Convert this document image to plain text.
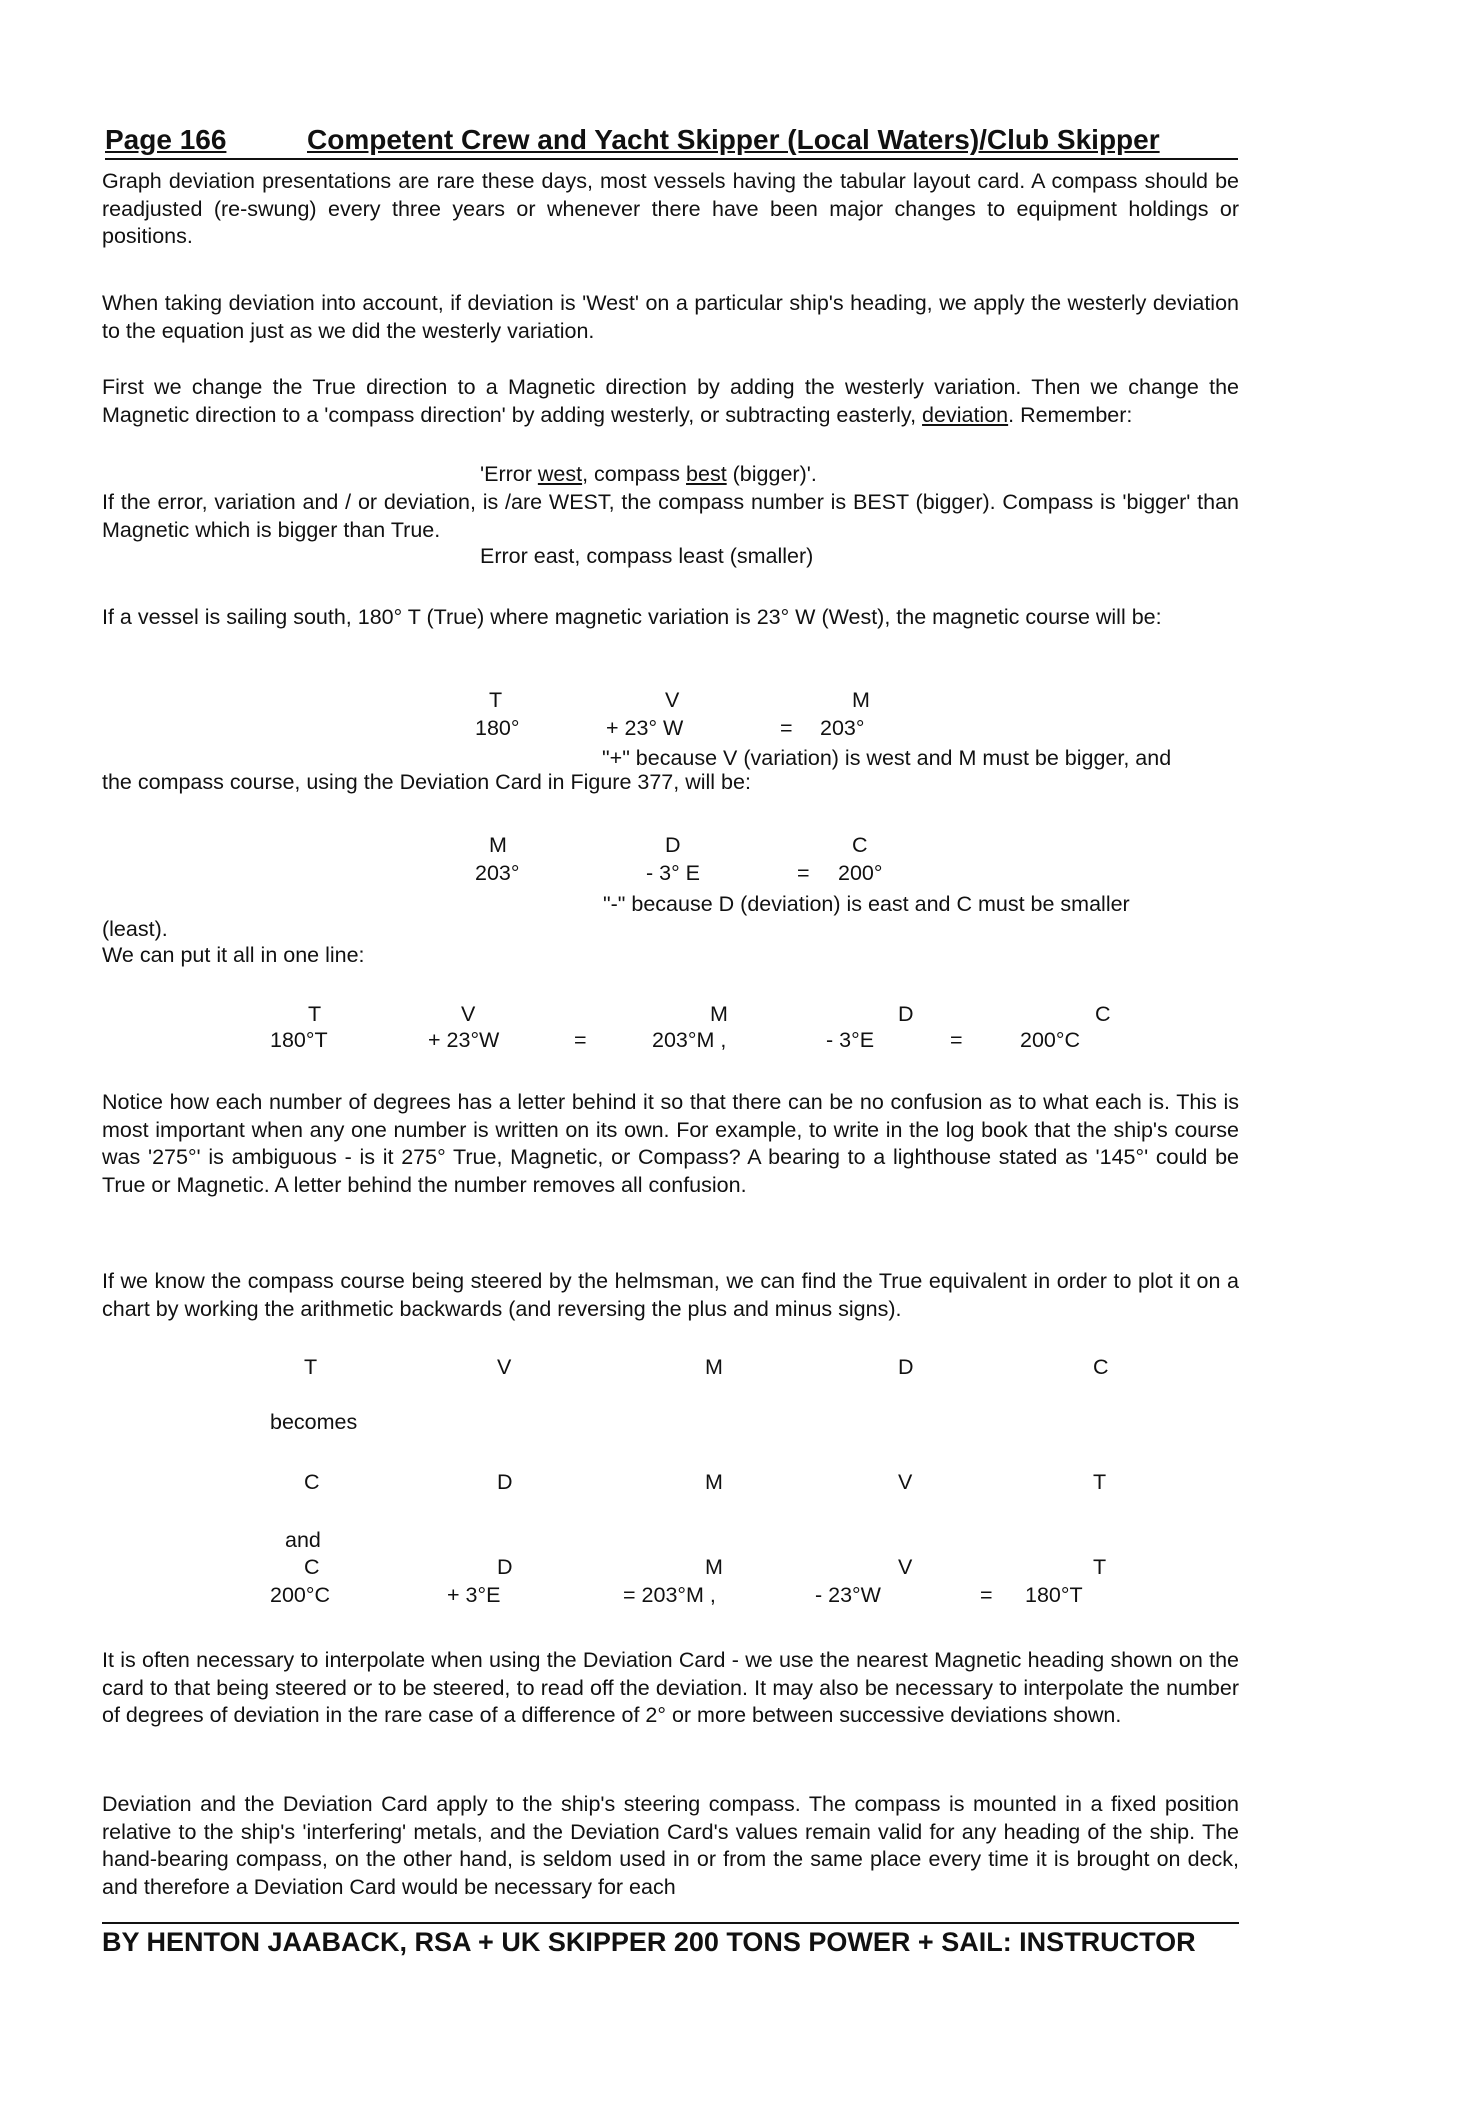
Page 166	Competent Crew and Yacht Skipper (Local Waters)/Club Skipper
Graph deviation presentations are rare these days, most vessels having the tabular layout card. A compass should be readjusted (re-swung) every three years or whenever there have been major changes to equipment holdings or positions.
When taking deviation into account, if deviation is 'West' on a particular ship's heading, we apply the westerly deviation to the equation just as we did the westerly variation.
First we change the True direction to a Magnetic direction by adding the westerly variation. Then we change the Magnetic direction to a 'compass direction' by adding westerly, or subtracting easterly, deviation. Remember:
'Error west, compass best (bigger)'.
If the error, variation and / or deviation, is /are WEST, the compass number is BEST (bigger). Compass is 'bigger' than Magnetic which is bigger than True.
Error east, compass least (smaller)
If a vessel is sailing south, 180° T (True) where magnetic variation is 23° W (West), the magnetic course will be:
T	V	M
180°	+ 23° W	= 203°
"+" because V (variation) is west and M must be bigger, and
the compass course, using the Deviation Card in Figure 377, will be:
M	D	C
203°	- 3° E	= 200°
"-" because D (deviation) is east and C must be smaller
(least).
We can put it all in one line:
T	V	M	D	C
180°T	+ 23°W	=	203°M ,	- 3°E	=	200°C
Notice how each number of degrees has a letter behind it so that there can be no confusion as to what each is. This is most important when any one number is written on its own. For example, to write in the log book that the ship's course was '275°' is ambiguous - is it 275° True, Magnetic, or Compass? A bearing to a lighthouse stated as '145°' could be True or Magnetic. A letter behind the number removes all confusion.
If we know the compass course being steered by the helmsman, we can find the True equivalent in order to plot it on a chart by working the arithmetic backwards (and reversing the plus and minus signs).
T	V	M	D	C
becomes
C	D	M	V	T
and
C	D	M	V	T
200°C	+ 3°E	= 203°M ,	- 23°W	= 180°T
It is often necessary to interpolate when using the Deviation Card - we use the nearest Magnetic heading shown on the card to that being steered or to be steered, to read off the deviation. It may also be necessary to interpolate the number of degrees of deviation in the rare case of a difference of 2° or more between successive deviations shown.
Deviation and the Deviation Card apply to the ship's steering compass. The compass is mounted in a fixed position relative to the ship's 'interfering' metals, and the Deviation Card's values remain valid for any heading of the ship. The hand-bearing compass, on the other hand, is seldom used in or from the same place every time it is brought on deck, and therefore a Deviation Card would be necessary for each
BY HENTON JAABACK, RSA + UK SKIPPER 200 TONS POWER + SAIL: INSTRUCTOR
